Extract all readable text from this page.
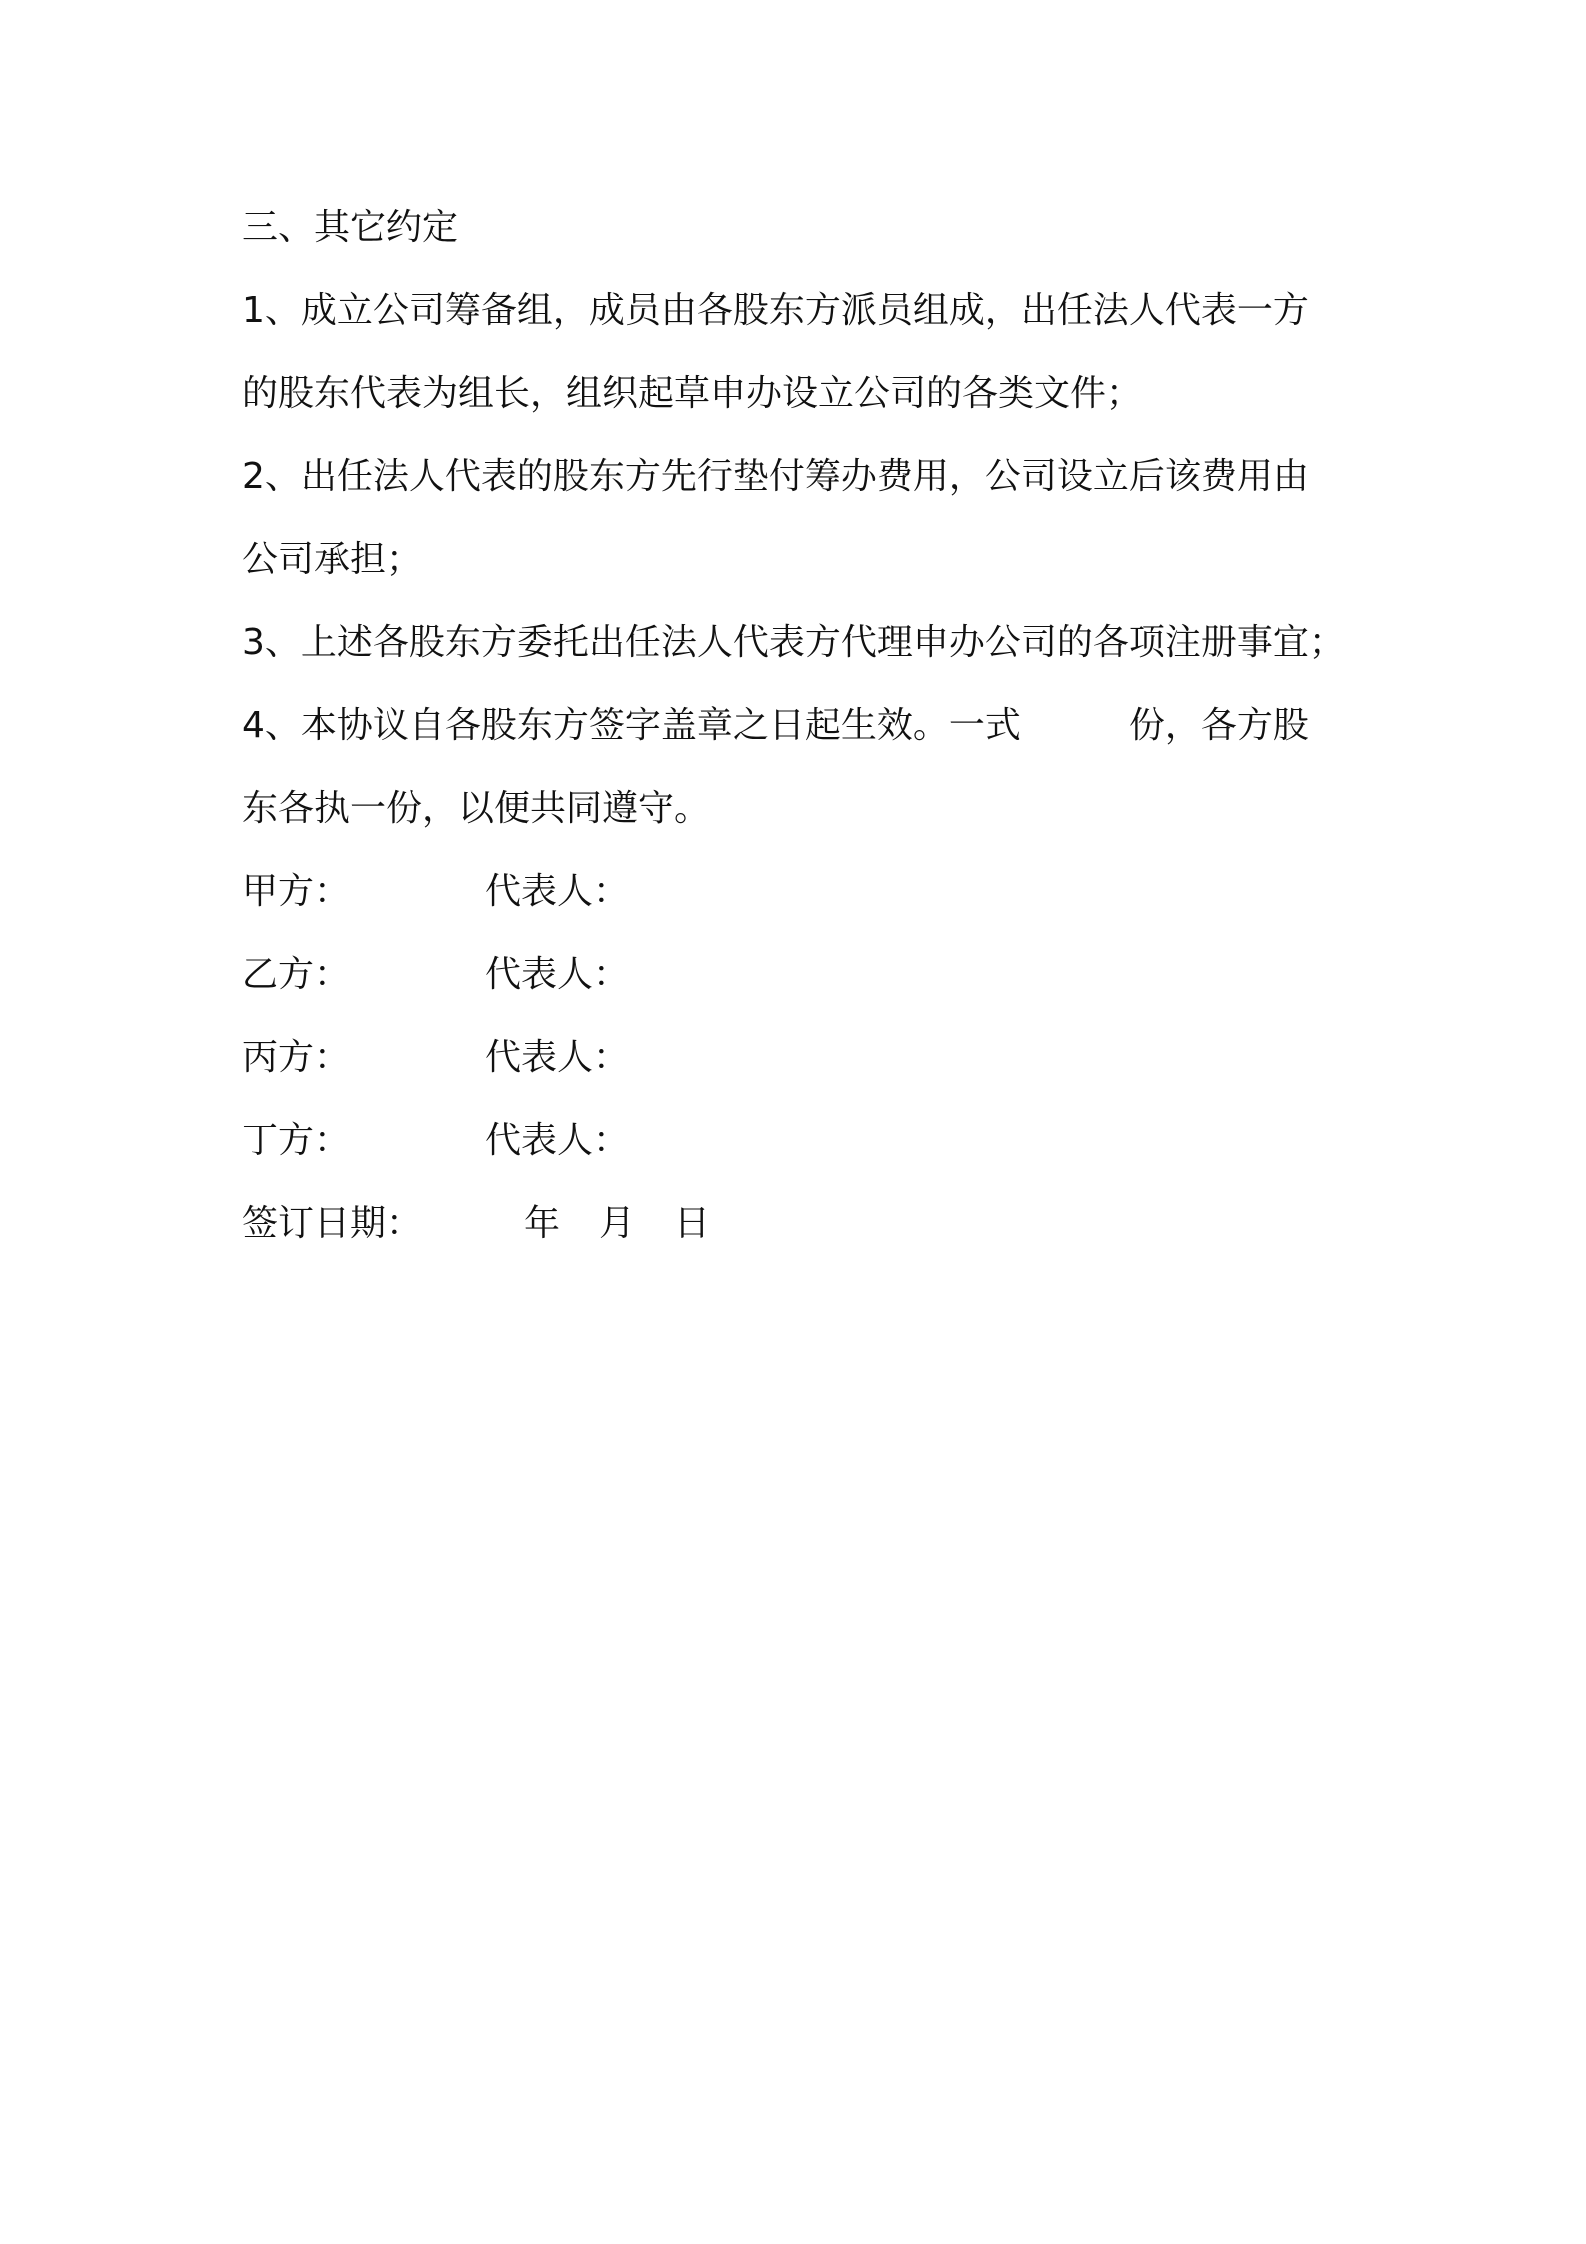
三、其它约定
1、成立公司筹备组，成员由各股东方派员组成，出任法人代表一方
的股东代表为组长，组织起草申办设立公司的各类文件；
2、出任法人代表的股东方先行垫付筹办费用，公司设立后该费用由
公司承担；
3、上述各股东方委托出任法人代表方代理申办公司的各项注册事宜；
4、本协议自各股东方签字盖章之日起生效。一式	份，各方股
东各执一份，以便共同遵守。
甲方：	代表人：
乙方：	代表人：
丙方：	代表人：
丁方：	代表人：
签订日期：	年 月 日
